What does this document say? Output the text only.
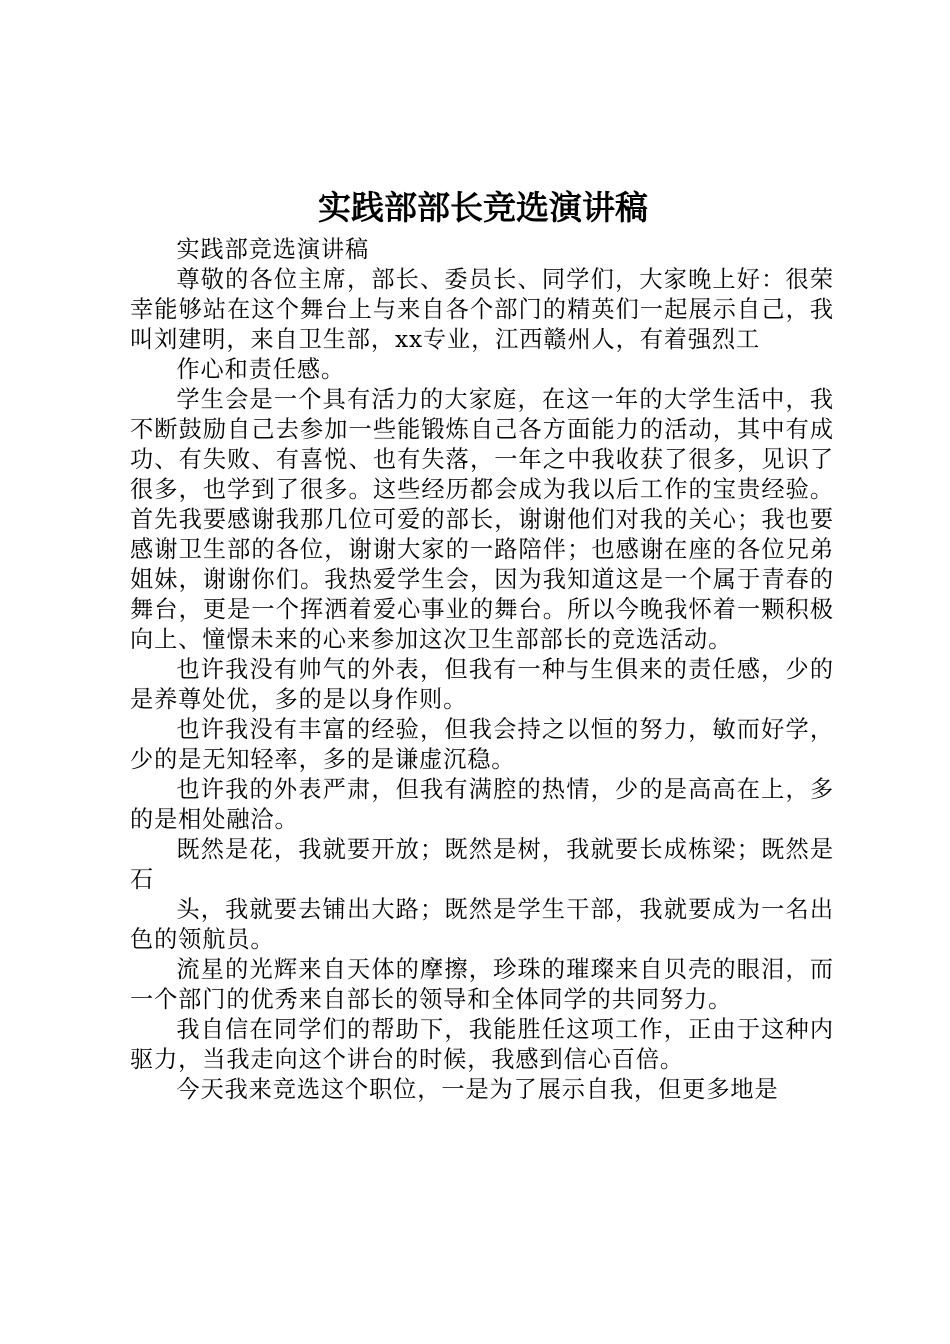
实践部部长竞选演讲稿

实践部竞选演讲稿

尊敬的各位主席，部长、委员长、同学们，大家晚上好：很荣幸能够站在这个舞台上与来自各个部门的精英们一起展示自己，我叫刘建明，来自卫生部，xx专业，江西赣州人，有着强烈工

作心和责任感。

学生会是一个具有活力的大家庭，在这一年的大学生活中，我不断鼓励自己去参加一些能锻炼自己各方面能力的活动，其中有成功、有失败、有喜悦、也有失落，一年之中我收获了很多，见识了很多，也学到了很多。这些经历都会成为我以后工作的宝贵经验。首先我要感谢我那几位可爱的部长，谢谢他们对我的关心；我也要感谢卫生部的各位，谢谢大家的一路陪伴；也感谢在座的各位兄弟姐妹，谢谢你们。我热爱学生会，因为我知道这是一个属于青春的舞台，更是一个挥洒着爱心事业的舞台。所以今晚我怀着一颗积极向上、憧憬未来的心来参加这次卫生部部长的竞选活动。

也许我没有帅气的外表，但我有一种与生俱来的责任感，少的是养尊处优，多的是以身作则。

也许我没有丰富的经验，但我会持之以恒的努力，敏而好学，少的是无知轻率，多的是谦虚沉稳。

也许我的外表严肃，但我有满腔的热情，少的是高高在上，多的是相处融洽。

既然是花，我就要开放；既然是树，我就要长成栋梁；既然是石

头，我就要去铺出大路；既然是学生干部，我就要成为一名出色的领航员。

流星的光辉来自天体的摩擦，珍珠的璀璨来自贝壳的眼泪，而一个部门的优秀来自部长的领导和全体同学的共同努力。

我自信在同学们的帮助下，我能胜任这项工作，正由于这种内驱力，当我走向这个讲台的时候，我感到信心百倍。

今天我来竞选这个职位，一是为了展示自我，但更多地是
